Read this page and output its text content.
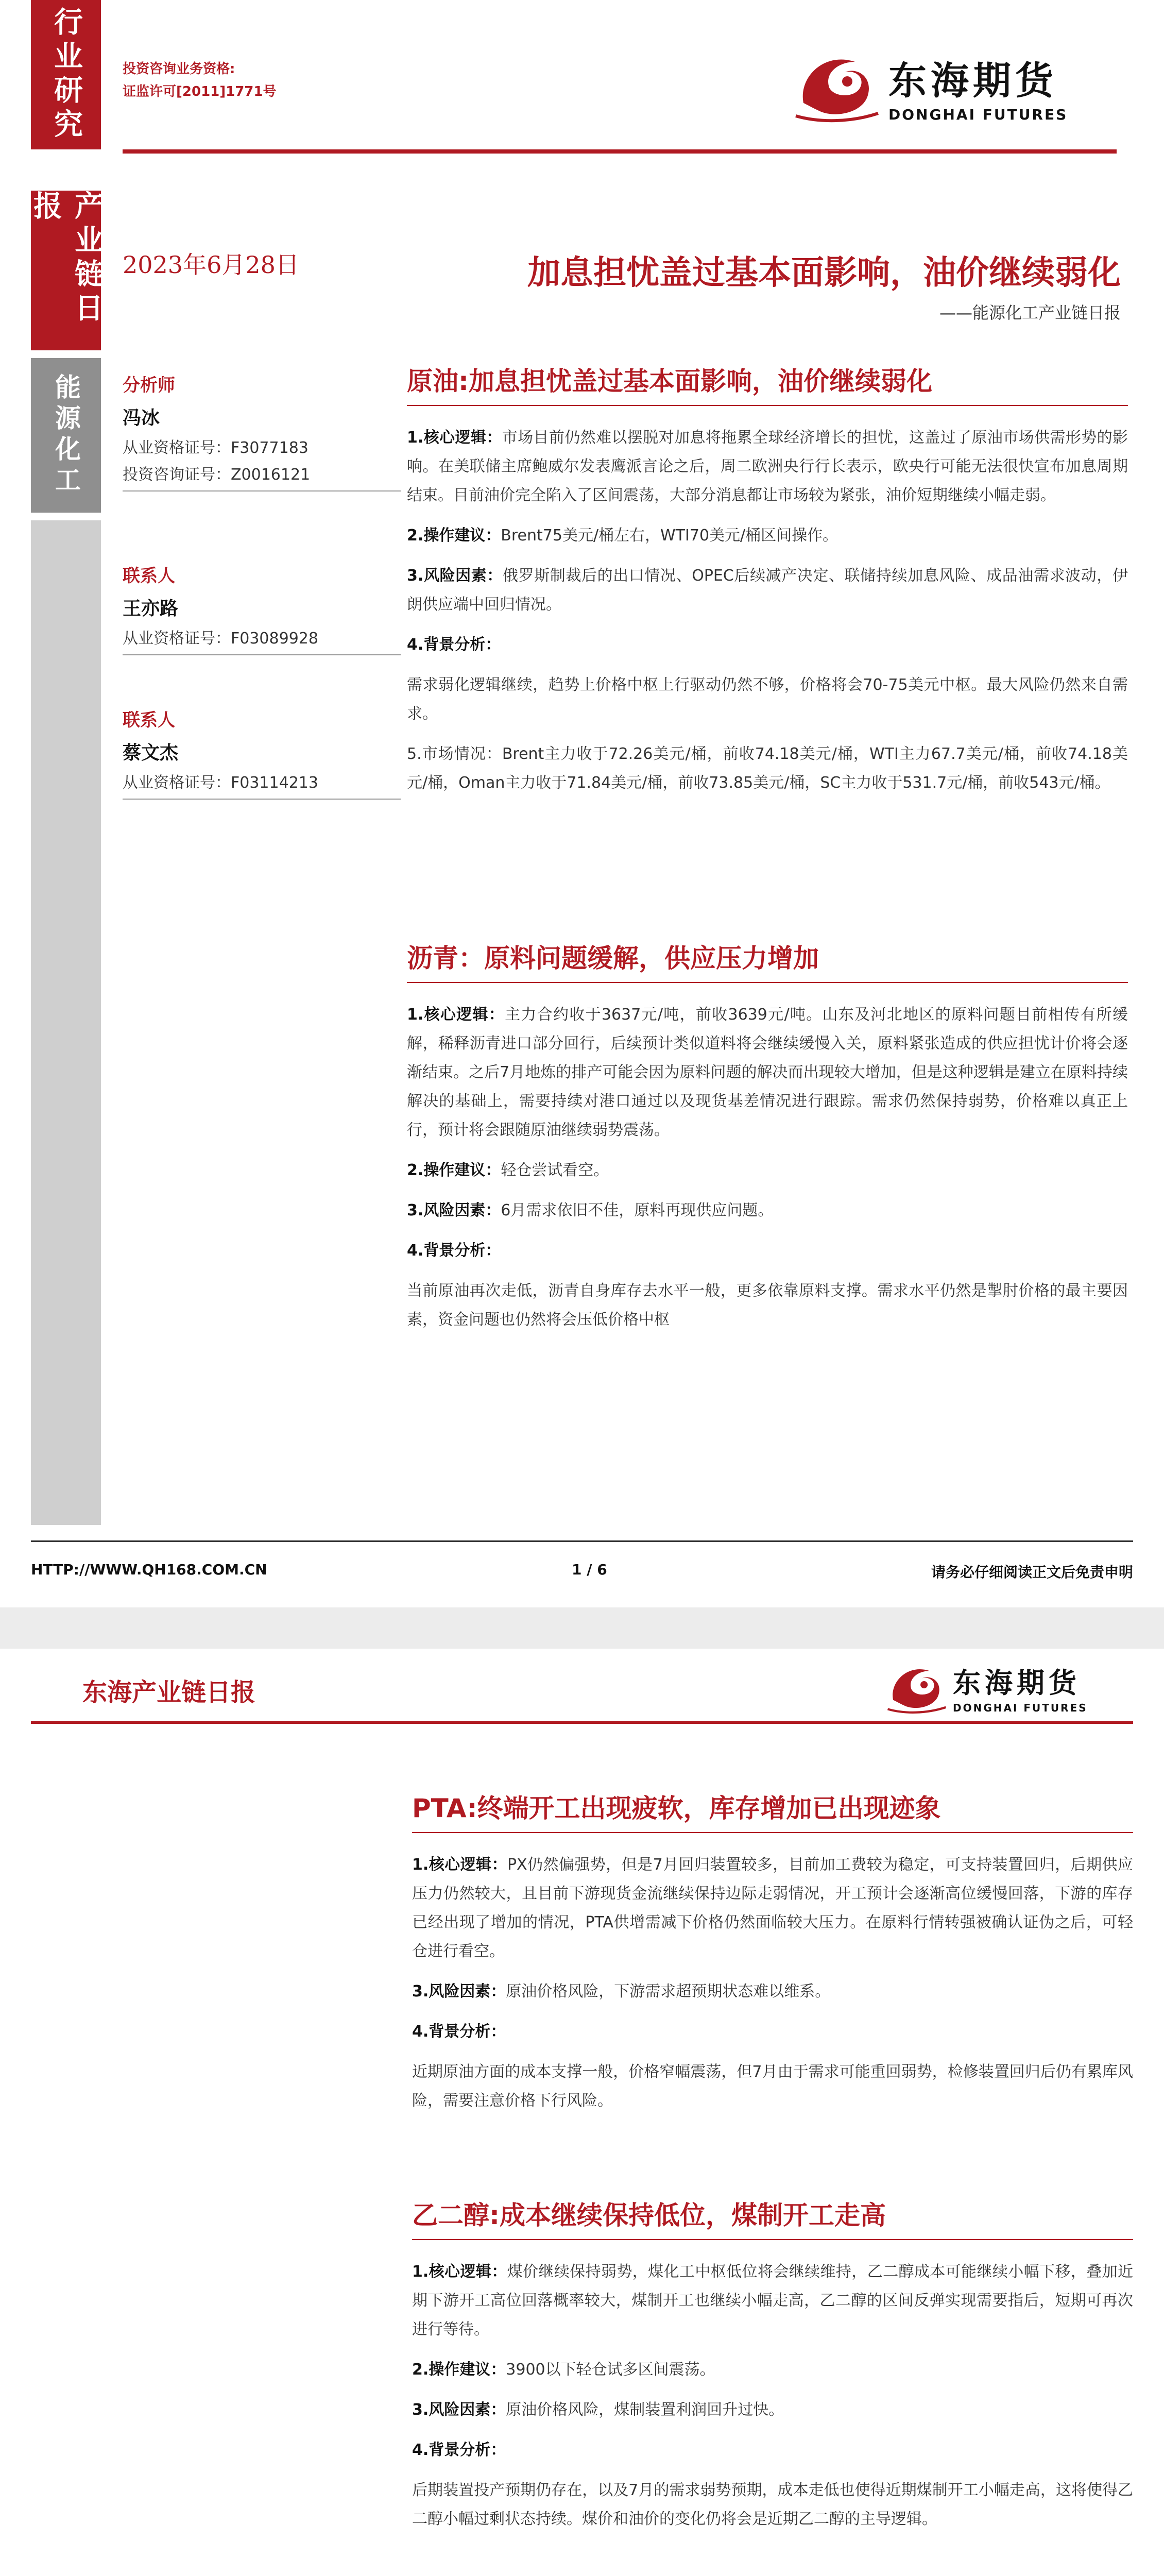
行业研究	投资咨询业务资格:
证监许可[2011]1771号	东海期货
DONGHAI FUTURES
产业链日报
能源化工
2023年6月28日	加息担忧盖过基本面影响，油价继续弱化
——能源化工产业链日报
分析师
冯冰
从业资格证号：F3077183
投资咨询证号：Z0016121
联系人
王亦路
从业资格证号：F03089928
联系人
蔡文杰
从业资格证号：F03114213
原油:加息担忧盖过基本面影响，油价继续弱化
1.核心逻辑：市场目前仍然难以摆脱对加息将拖累全球经济增长的担忧，这盖过了原油市场供需形势的影响。在美联储主席鲍威尔发表鹰派言论之后，周二欧洲央行行长表示，欧央行可能无法很快宣布加息周期结束。目前油价完全陷入了区间震荡，大部分消息都让市场较为紧张，油价短期继续小幅走弱。
2.操作建议：Brent75美元/桶左右，WTI70美元/桶区间操作。
3.风险因素：俄罗斯制裁后的出口情况、OPEC后续减产决定、联储持续加息风险、成品油需求波动，伊朗供应端中回归情况。
4.背景分析：
需求弱化逻辑继续，趋势上价格中枢上行驱动仍然不够，价格将会70-75美元中枢。最大风险仍然来自需求。
5.市场情况：Brent主力收于72.26美元/桶，前收74.18美元/桶，WTI主力67.7美元/桶，前收74.18美元/桶，Oman主力收于71.84美元/桶，前收73.85美元/桶，SC主力收于531.7元/桶，前收543元/桶。
沥青：原料问题缓解，供应压力增加
1.核心逻辑：主力合约收于3637元/吨，前收3639元/吨。山东及河北地区的原料问题目前相传有所缓解，稀释沥青进口部分回行，后续预计类似道料将会继续缓慢入关，原料紧张造成的供应担忧计价将会逐渐结束。之后7月地炼的排产可能会因为原料问题的解决而出现较大增加，但是这种逻辑是建立在原料持续解决的基础上，需要持续对港口通过以及现货基差情况进行跟踪。需求仍然保持弱势，价格难以真正上行，预计将会跟随原油继续弱势震荡。
2.操作建议：轻仓尝试看空。
3.风险因素：6月需求依旧不佳，原料再现供应问题。
4.背景分析：
当前原油再次走低，沥青自身库存去水平一般，更多依靠原料支撑。需求水平仍然是掣肘价格的最主要因素，资金问题也仍然将会压低价格中枢
HTTP://WWW.QH168.COM.CN	1 / 6	请务必仔细阅读正文后免责申明
东海产业链日报	东海期货
DONGHAI FUTURES
PTA:终端开工出现疲软，库存增加已出现迹象
1.核心逻辑：PX仍然偏强势，但是7月回归装置较多，目前加工费较为稳定，可支持装置回归，后期供应压力仍然较大，且目前下游现货金流继续保持边际走弱情况，开工预计会逐渐高位缓慢回落，下游的库存已经出现了增加的情况，PTA供增需减下价格仍然面临较大压力。在原料行情转强被确认证伪之后，可轻仓进行看空。
3.风险因素：原油价格风险，下游需求超预期状态难以维系。
4.背景分析：
近期原油方面的成本支撑一般，价格窄幅震荡，但7月由于需求可能重回弱势，检修装置回归后仍有累库风险，需要注意价格下行风险。
乙二醇:成本继续保持低位，煤制开工走高
1.核心逻辑：煤价继续保持弱势，煤化工中枢低位将会继续维持，乙二醇成本可能继续小幅下移，叠加近期下游开工高位回落概率较大，煤制开工也继续小幅走高，乙二醇的区间反弹实现需要指后，短期可再次进行等待。
2.操作建议：3900以下轻仓试多区间震荡。
3.风险因素：原油价格风险，煤制装置利润回升过快。
4.背景分析：
后期装置投产预期仍存在，以及7月的需求弱势预期，成本走低也使得近期煤制开工小幅走高，这将使得乙二醇小幅过剩状态持续。煤价和油价的变化仍将会是近期乙二醇的主导逻辑。
